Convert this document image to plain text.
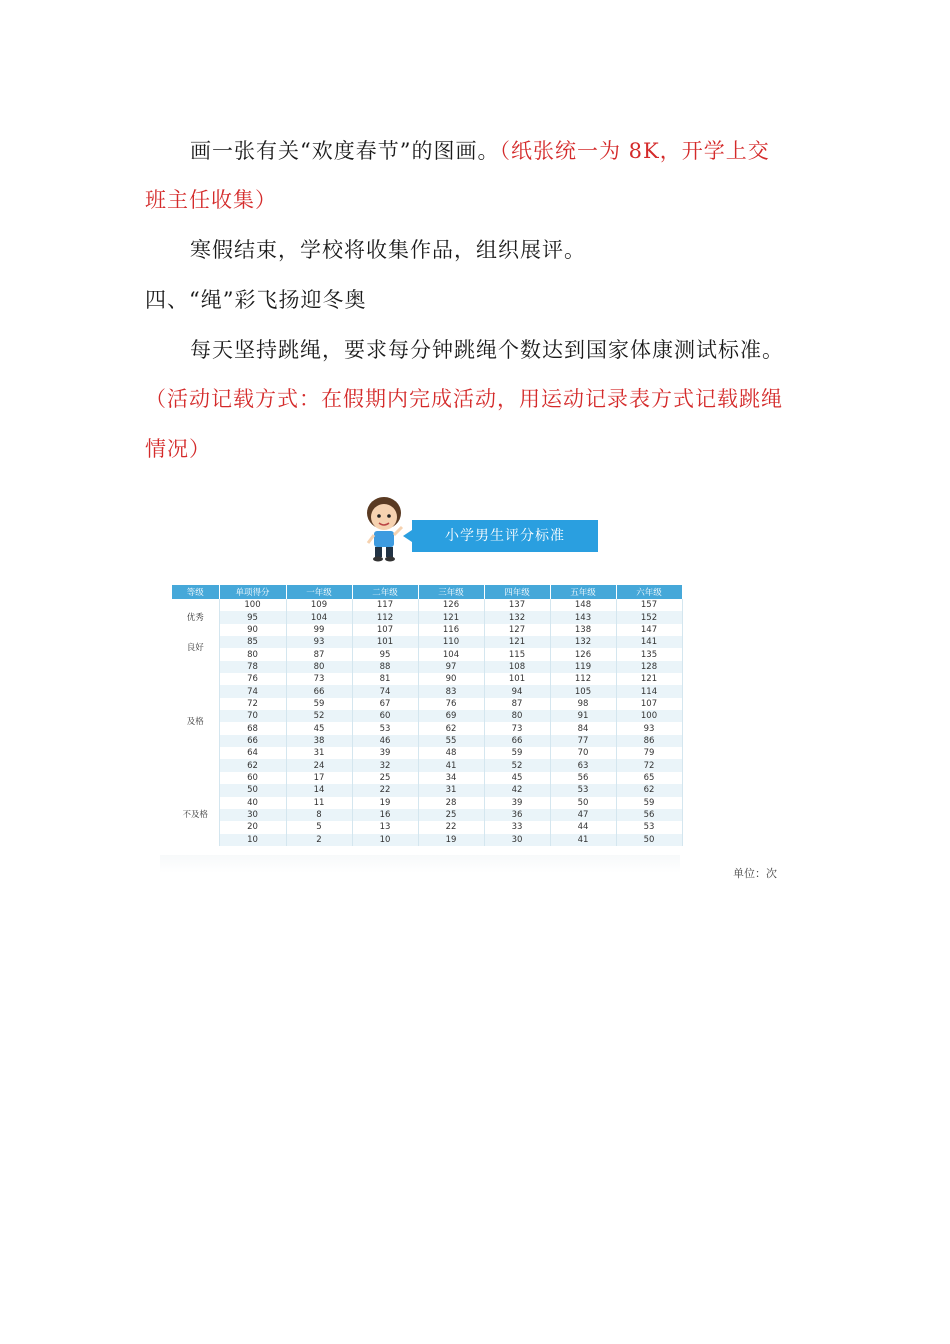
画一张有关“欢度春节”的图画。（纸张统一为 8K，开学上交
班主任收集）
寒假结束，学校将收集作品，组织展评。
四、“绳”彩飞扬迎冬奥
每天坚持跳绳，要求每分钟跳绳个数达到国家体康测试标准。
（活动记载方式：在假期内完成活动，用运动记录表方式记载跳绳
情况）
小学男生评分标准
等级	单项得分	一年级	二年级	三年级	四年级	五年级	六年级
优秀	100	109	117	126	137	148	157
	95	104	112	121	132	143	152
	90	99	107	116	127	138	147
良好	85	93	101	110	121	132	141
	80	87	95	104	115	126	135
及格	78	80	88	97	108	119	128
	76	73	81	90	101	112	121
	74	66	74	83	94	105	114
	72	59	67	76	87	98	107
	70	52	60	69	80	91	100
	68	45	53	62	73	84	93
	66	38	46	55	66	77	86
	64	31	39	48	59	70	79
	62	24	32	41	52	63	72
	60	17	25	34	45	56	65
不及格	50	14	22	31	42	53	62
	40	11	19	28	39	50	59
	30	8	16	25	36	47	56
	20	5	13	22	33	44	53
	10	2	10	19	30	41	50
单位：次
